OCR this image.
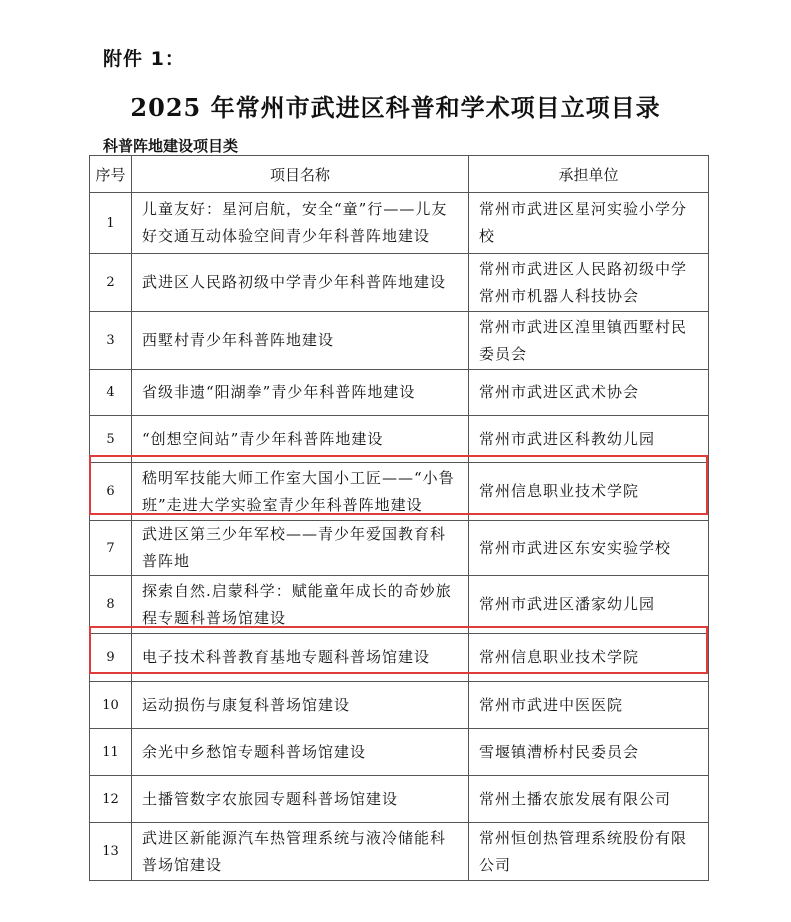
附件 1：
2025 年常州市武进区科普和学术项目立项目录
科普阵地建设项目类
序号	项目名称	承担单位
1	儿童友好：星河启航，安全“童”行——儿友好交通互动体验空间青少年科普阵地建设	常州市武进区星河实验小学分校
2	武进区人民路初级中学青少年科普阵地建设	常州市武进区人民路初级中学常州市机器人科技协会
3	西墅村青少年科普阵地建设	常州市武进区湟里镇西墅村民委员会
4	省级非遗“阳湖拳”青少年科普阵地建设	常州市武进区武术协会
5	“创想空间站”青少年科普阵地建设	常州市武进区科教幼儿园
6	嵇明军技能大师工作室大国小工匠——“小鲁班”走进大学实验室青少年科普阵地建设	常州信息职业技术学院
7	武进区第三少年军校——青少年爱国教育科普阵地	常州市武进区东安实验学校
8	探索自然.启蒙科学：赋能童年成长的奇妙旅程专题科普场馆建设	常州市武进区潘家幼儿园
9	电子技术科普教育基地专题科普场馆建设	常州信息职业技术学院
10	运动损伤与康复科普场馆建设	常州市武进中医医院
11	余光中乡愁馆专题科普场馆建设	雪堰镇漕桥村民委员会
12	土播管数字农旅园专题科普场馆建设	常州土播农旅发展有限公司
13	武进区新能源汽车热管理系统与液冷储能科普场馆建设	常州恒创热管理系统股份有限公司
